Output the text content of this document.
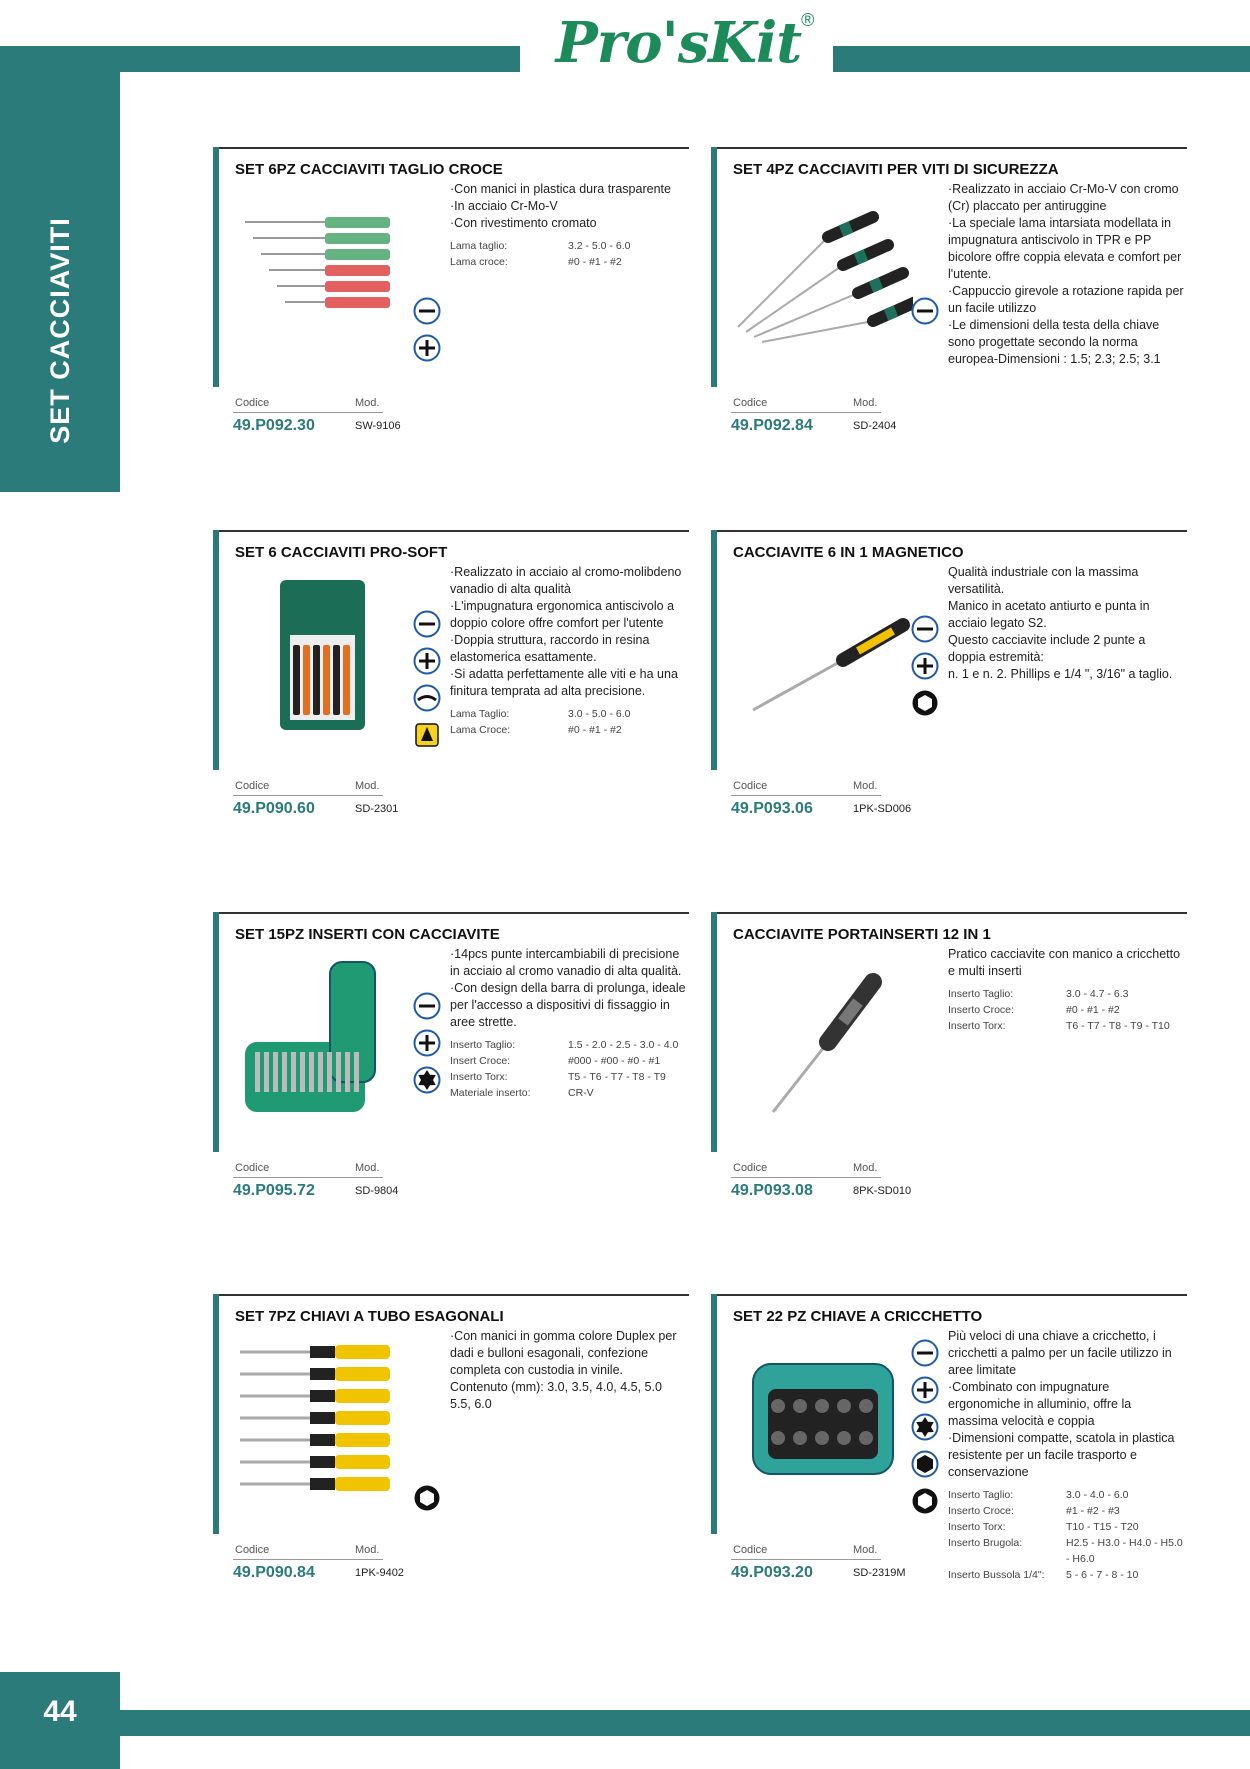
Pro'sKit®
SET CACCIAVITI
SET 6PZ CACCIAVITI TAGLIO CROCE
·Con manici in plastica dura trasparente
·In acciaio Cr-Mo-V
·Con rivestimento cromato
Lama taglio:	3.2 - 5.0 - 6.0
Lama croce:	#0 - #1 - #2
Codice	Mod.
49.P092.30	SW-9106
SET 4PZ CACCIAVITI PER VITI DI SICUREZZA
·Realizzato in acciaio Cr-Mo-V con cromo (Cr) placcato per antiruggine
·La speciale lama intarsiata modellata in impugnatura antiscivolo in TPR e PP bicolore offre coppia elevata e comfort per l'utente.
·Cappuccio girevole a rotazione rapida per un facile utilizzo
·Le dimensioni della testa della chiave sono progettate secondo la norma europea-Dimensioni : 1.5; 2.3; 2.5; 3.1
Codice	Mod.
49.P092.84	SD-2404
SET 6 CACCIAVITI PRO-SOFT
·Realizzato in acciaio al cromo-molibdeno vanadio di alta qualità
·L'impugnatura ergonomica antiscivolo a doppio colore offre comfort per l'utente
·Doppia struttura, raccordo in resina elastomerica esattamente.
·Si adatta perfettamente alle viti e ha una finitura temprata ad alta precisione.
Lama Taglio:	3.0 - 5.0 - 6.0
Lama Croce:	#0 - #1 - #2
Codice	Mod.
49.P090.60	SD-2301
CACCIAVITE 6 IN 1 MAGNETICO
Qualità industriale con la massima versatilità.
Manico in acetato antiurto e punta in acciaio legato S2.
Questo cacciavite include 2 punte a doppia estremità:
n. 1 e n. 2. Phillips e 1/4 ", 3/16" a taglio.
Codice	Mod.
49.P093.06	1PK-SD006
SET 15PZ INSERTI CON CACCIAVITE
·14pcs punte intercambiabili di precisione in acciaio al cromo vanadio di alta qualità.
·Con design della barra di prolunga, ideale per l'accesso a dispositivi di fissaggio in aree strette.
Inserto Taglio:	1.5 - 2.0 - 2.5 - 3.0 - 4.0
Insert Croce:	#000 - #00 - #0 - #1
Inserto Torx:	T5 - T6 - T7 - T8 - T9
Materiale inserto:	CR-V
Codice	Mod.
49.P095.72	SD-9804
CACCIAVITE PORTAINSERTI 12 IN 1
Pratico cacciavite con manico a cricchetto e multi inserti
Inserto Taglio:	3.0 - 4.7 - 6.3
Inserto Croce:	#0 - #1 - #2
Inserto Torx:	T6 - T7 - T8 - T9 - T10
Codice	Mod.
49.P093.08	8PK-SD010
SET 7PZ CHIAVI A TUBO ESAGONALI
·Con manici in gomma colore Duplex per dadi e bulloni esagonali, confezione completa con custodia in vinile.
Contenuto (mm): 3.0, 3.5, 4.0, 4.5, 5.0 5.5, 6.0
Codice	Mod.
49.P090.84	1PK-9402
SET 22 PZ CHIAVE A CRICCHETTO
Più veloci di una chiave a cricchetto, i cricchetti a palmo per un facile utilizzo in aree limitate
·Combinato con impugnature ergonomiche in alluminio, offre la massima velocità e coppia
·Dimensioni compatte, scatola in plastica resistente per un facile trasporto e conservazione
Inserto Taglio:	3.0 - 4.0 - 6.0
Inserto Croce:	#1 - #2 - #3
Inserto Torx:	T10 - T15 - T20
Inserto Brugola:	H2.5 - H3.0 - H4.0 - H5.0 - H6.0
Inserto Bussola 1/4":	5 - 6 - 7 - 8 - 10
Codice	Mod.
49.P093.20	SD-2319M
44
